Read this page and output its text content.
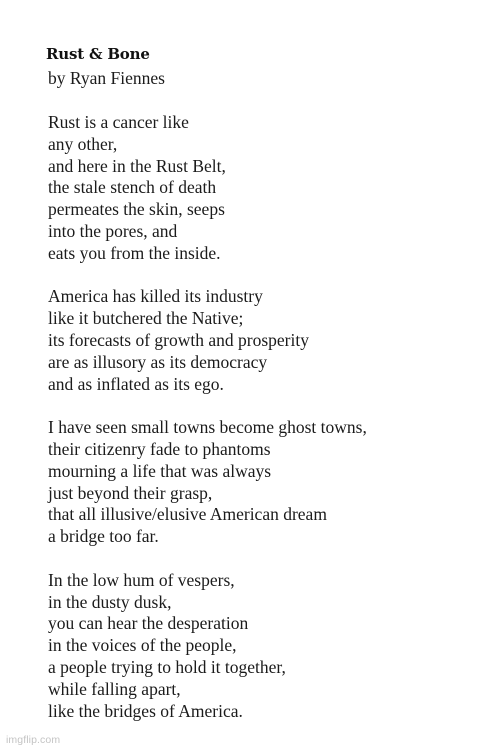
Rust & Bone
by Ryan Fiennes
Rust is a cancer like
any other,
and here in the Rust Belt,
the stale stench of death
permeates the skin, seeps
into the pores, and
eats you from the inside.
America has killed its industry
like it butchered the Native;
its forecasts of growth and prosperity
are as illusory as its democracy
and as inflated as its ego.
I have seen small towns become ghost towns,
their citizenry fade to phantoms
mourning a life that was always
just beyond their grasp,
that all illusive/elusive American dream
a bridge too far.
In the low hum of vespers,
in the dusty dusk,
you can hear the desperation
in the voices of the people,
a people trying to hold it together,
while falling apart,
like the bridges of America.
imgflip.com
